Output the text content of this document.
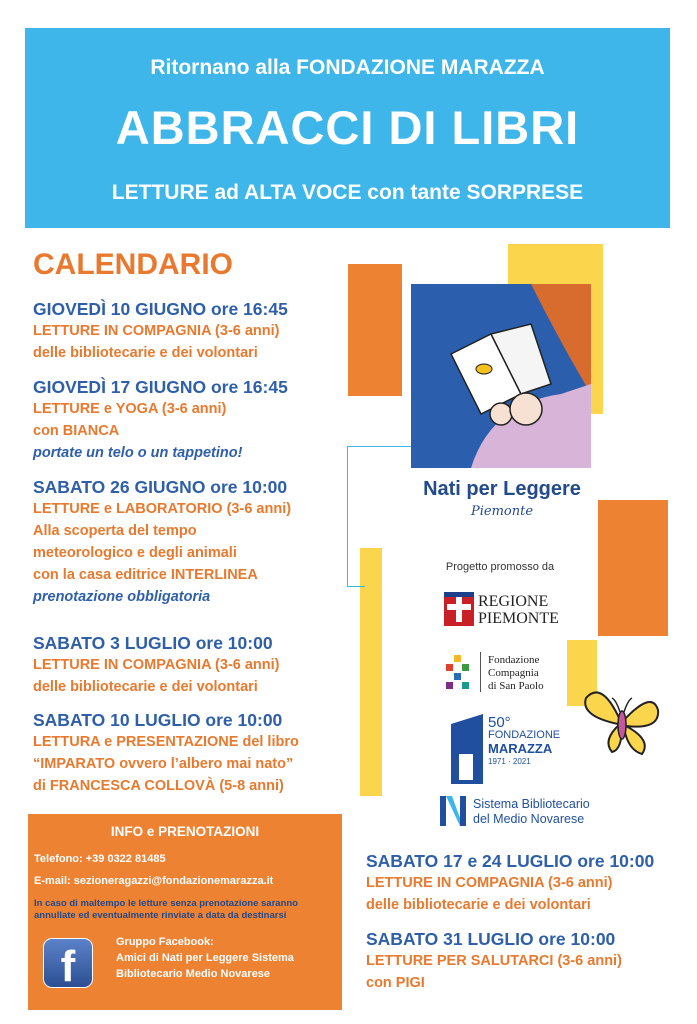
Ritornano alla FONDAZIONE MARAZZA
ABBRACCI DI LIBRI
LETTURE ad ALTA VOCE con tante SORPRESE
CALENDARIO
GIOVEDÌ 10 GIUGNO ore 16:45
LETTURE IN COMPAGNIA (3-6 anni)
delle bibliotecarie e dei volontari
GIOVEDÌ 17 GIUGNO ore 16:45
LETTURE e YOGA (3-6 anni)
con BIANCA
portate un telo o un tappetino!
SABATO 26 GIUGNO ore 10:00
LETTURE e LABORATORIO (3-6 anni)
Alla scoperta del tempo
meteorologico e degli animali
con la casa editrice INTERLINEA
prenotazione obbligatoria
SABATO 3 LUGLIO ore 10:00
LETTURE IN COMPAGNIA (3-6 anni)
delle bibliotecarie e dei volontari
SABATO 10 LUGLIO ore 10:00
LETTURA e PRESENTAZIONE del libro
“IMPARATO ovvero l’albero mai nato”
di FRANCESCA COLLOVÀ (5-8 anni)
SABATO 17 e 24 LUGLIO ore 10:00
LETTURE IN COMPAGNIA (3-6 anni)
delle bibliotecarie e dei volontari
SABATO 31 LUGLIO ore 10:00
LETTURE PER SALUTARCI (3-6 anni)
con PIGI
INFO e PRENOTAZIONI
Telefono: +39 0322 81485
E-mail: sezioneragazzi@fondazionemarazza.it
In caso di maltempo le letture senza prenotazione saranno annullate ed eventualmente rinviate a data da destinarsi
f	Gruppo Facebook:
Amici di Nati per Leggere Sistema
Bibliotecario Medio Novarese
Nati per Leggere
Piemonte
Progetto promosso da
REGIONE
PIEMONTE
Fondazione
Compagnia
di San Paolo
50°
FONDAZIONE
MARAZZA
1971 · 2021
Sistema Bibliotecario
del Medio Novarese
